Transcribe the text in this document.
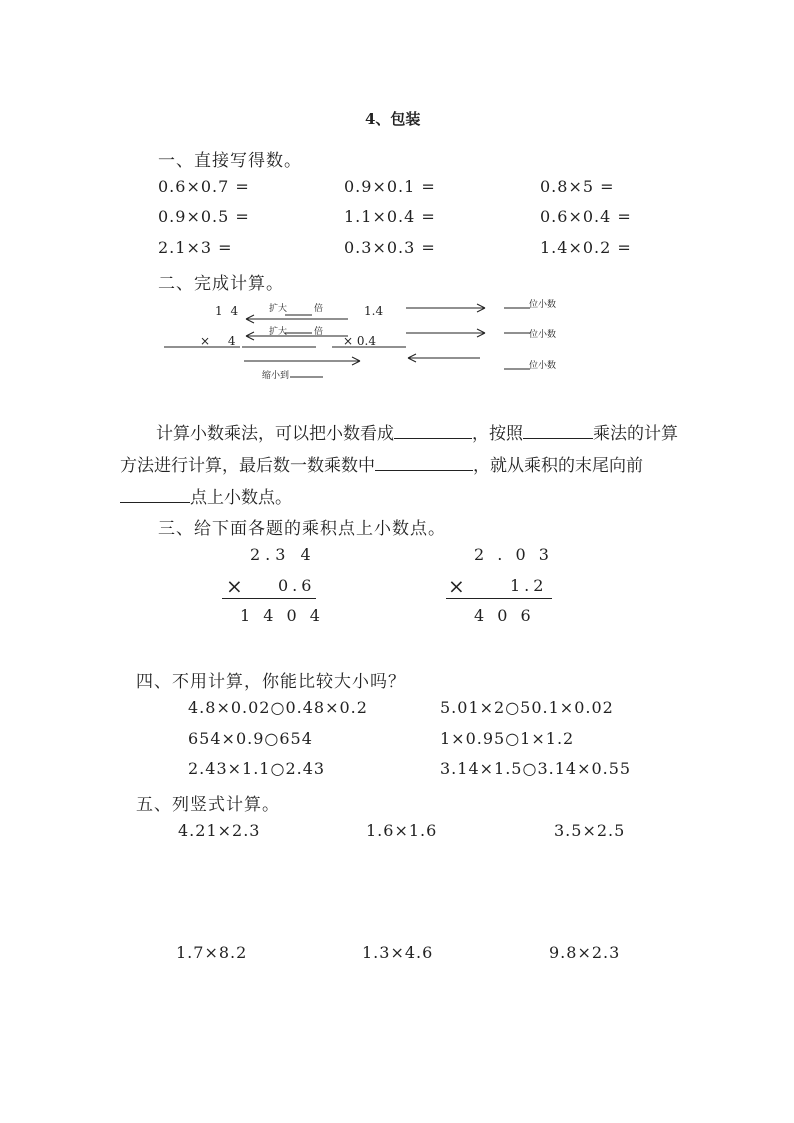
4、包装
一、直接写得数。
0.6×0.7 =	0.9×0.1 =	0.8×5 =
0.9×0.5 =	1.1×0.4 =	0.6×0.4 =
2.1×3 =	0.3×0.3 =	1.4×0.2 =
二、完成计算。
1 4	扩大	倍
扩大	倍
× 4
缩小到
1.4
× 0.4
位小数
位小数
位小数
计算小数乘法，可以把小数看成	，按照	乘法的计算方法进行计算，最后数一数乘数中	，就从乘积的末尾向前点上小数点。
三、给下面各题的乘积点上小数点。
2.3 4
× 0.6
1 4 0 4
2 . 0 3
×	1.2
4 0 6
四、不用计算，你能比较大小吗？
4.8×0.02○0.48×0.2	5.01×2○50.1×0.02
654×0.9○654	1×0.95○1×1.2
2.43×1.1○2.43	3.14×1.5○3.14×0.55
五、列竖式计算。
4.21×2.3	1.6×1.6	3.5×2.5
1.7×8.2	1.3×4.6	9.8×2.3
